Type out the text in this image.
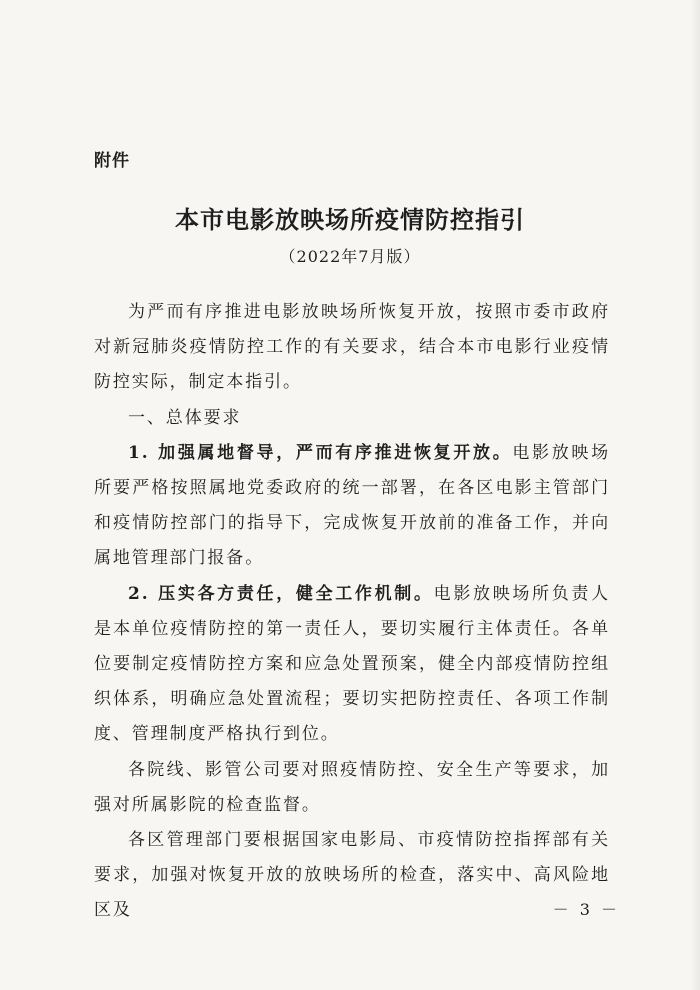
附件
本市电影放映场所疫情防控指引
（2022年7月版）

为严而有序推进电影放映场所恢复开放，按照市委市政府对新冠肺炎疫情防控工作的有关要求，结合本市电影行业疫情防控实际，制定本指引。

一、总体要求

1. 加强属地督导，严而有序推进恢复开放。电影放映场所要严格按照属地党委政府的统一部署，在各区电影主管部门和疫情防控部门的指导下，完成恢复开放前的准备工作，并向属地管理部门报备。

2. 压实各方责任，健全工作机制。电影放映场所负责人是本单位疫情防控的第一责任人，要切实履行主体责任。各单位要制定疫情防控方案和应急处置预案，健全内部疫情防控组织体系，明确应急处置流程；要切实把防控责任、各项工作制度、管理制度严格执行到位。

各院线、影管公司要对照疫情防控、安全生产等要求，加强对所属影院的检查监督。

各区管理部门要根据国家电影局、市疫情防控指挥部有关要求，加强对恢复开放的放映场所的检查，落实中、高风险地区及	－ 3 －
